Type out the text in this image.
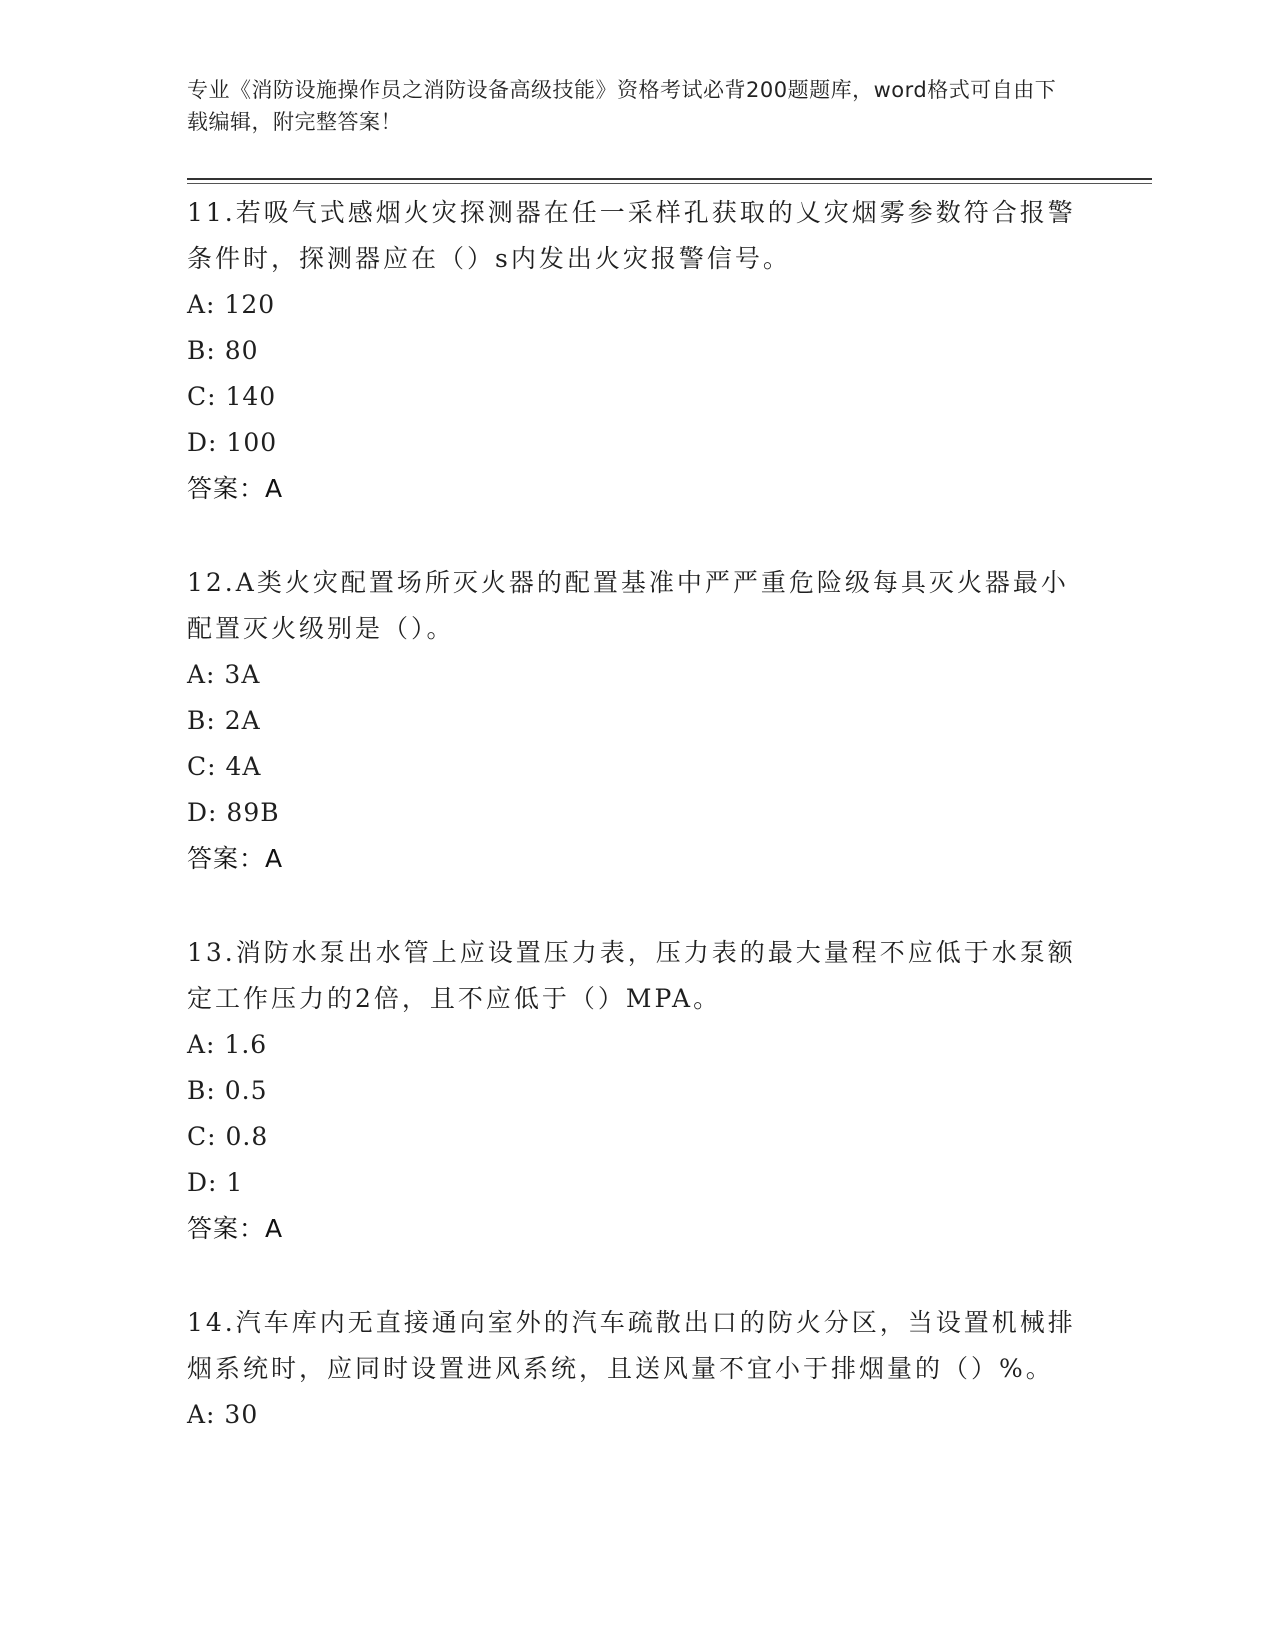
专业《消防设施操作员之消防设备高级技能》资格考试必背200题题库，word格式可自由下载编辑，附完整答案！
11.若吸气式感烟火灾探测器在任一采样孔获取的乂灾烟雾参数符合报警条件时，探测器应在（）s内发出火灾报警信号。
A: 120
B: 80
C: 140
D: 100
答案：A
12.A类火灾配置场所灭火器的配置基准中严严重危险级每具灭火器最小配置灭火级别是（）。
A: 3A
B: 2A
C: 4A
D: 89B
答案：A
13.消防水泵出水管上应设置压力表，压力表的最大量程不应低于水泵额定工作压力的2倍，且不应低于（）MPA。
A: 1.6
B: 0.5
C: 0.8
D: 1
答案：A
14.汽车库内无直接通向室外的汽车疏散出口的防火分区，当设置机械排烟系统时，应同时设置进风系统，且送风量不宜小于排烟量的（）%。
A: 30
